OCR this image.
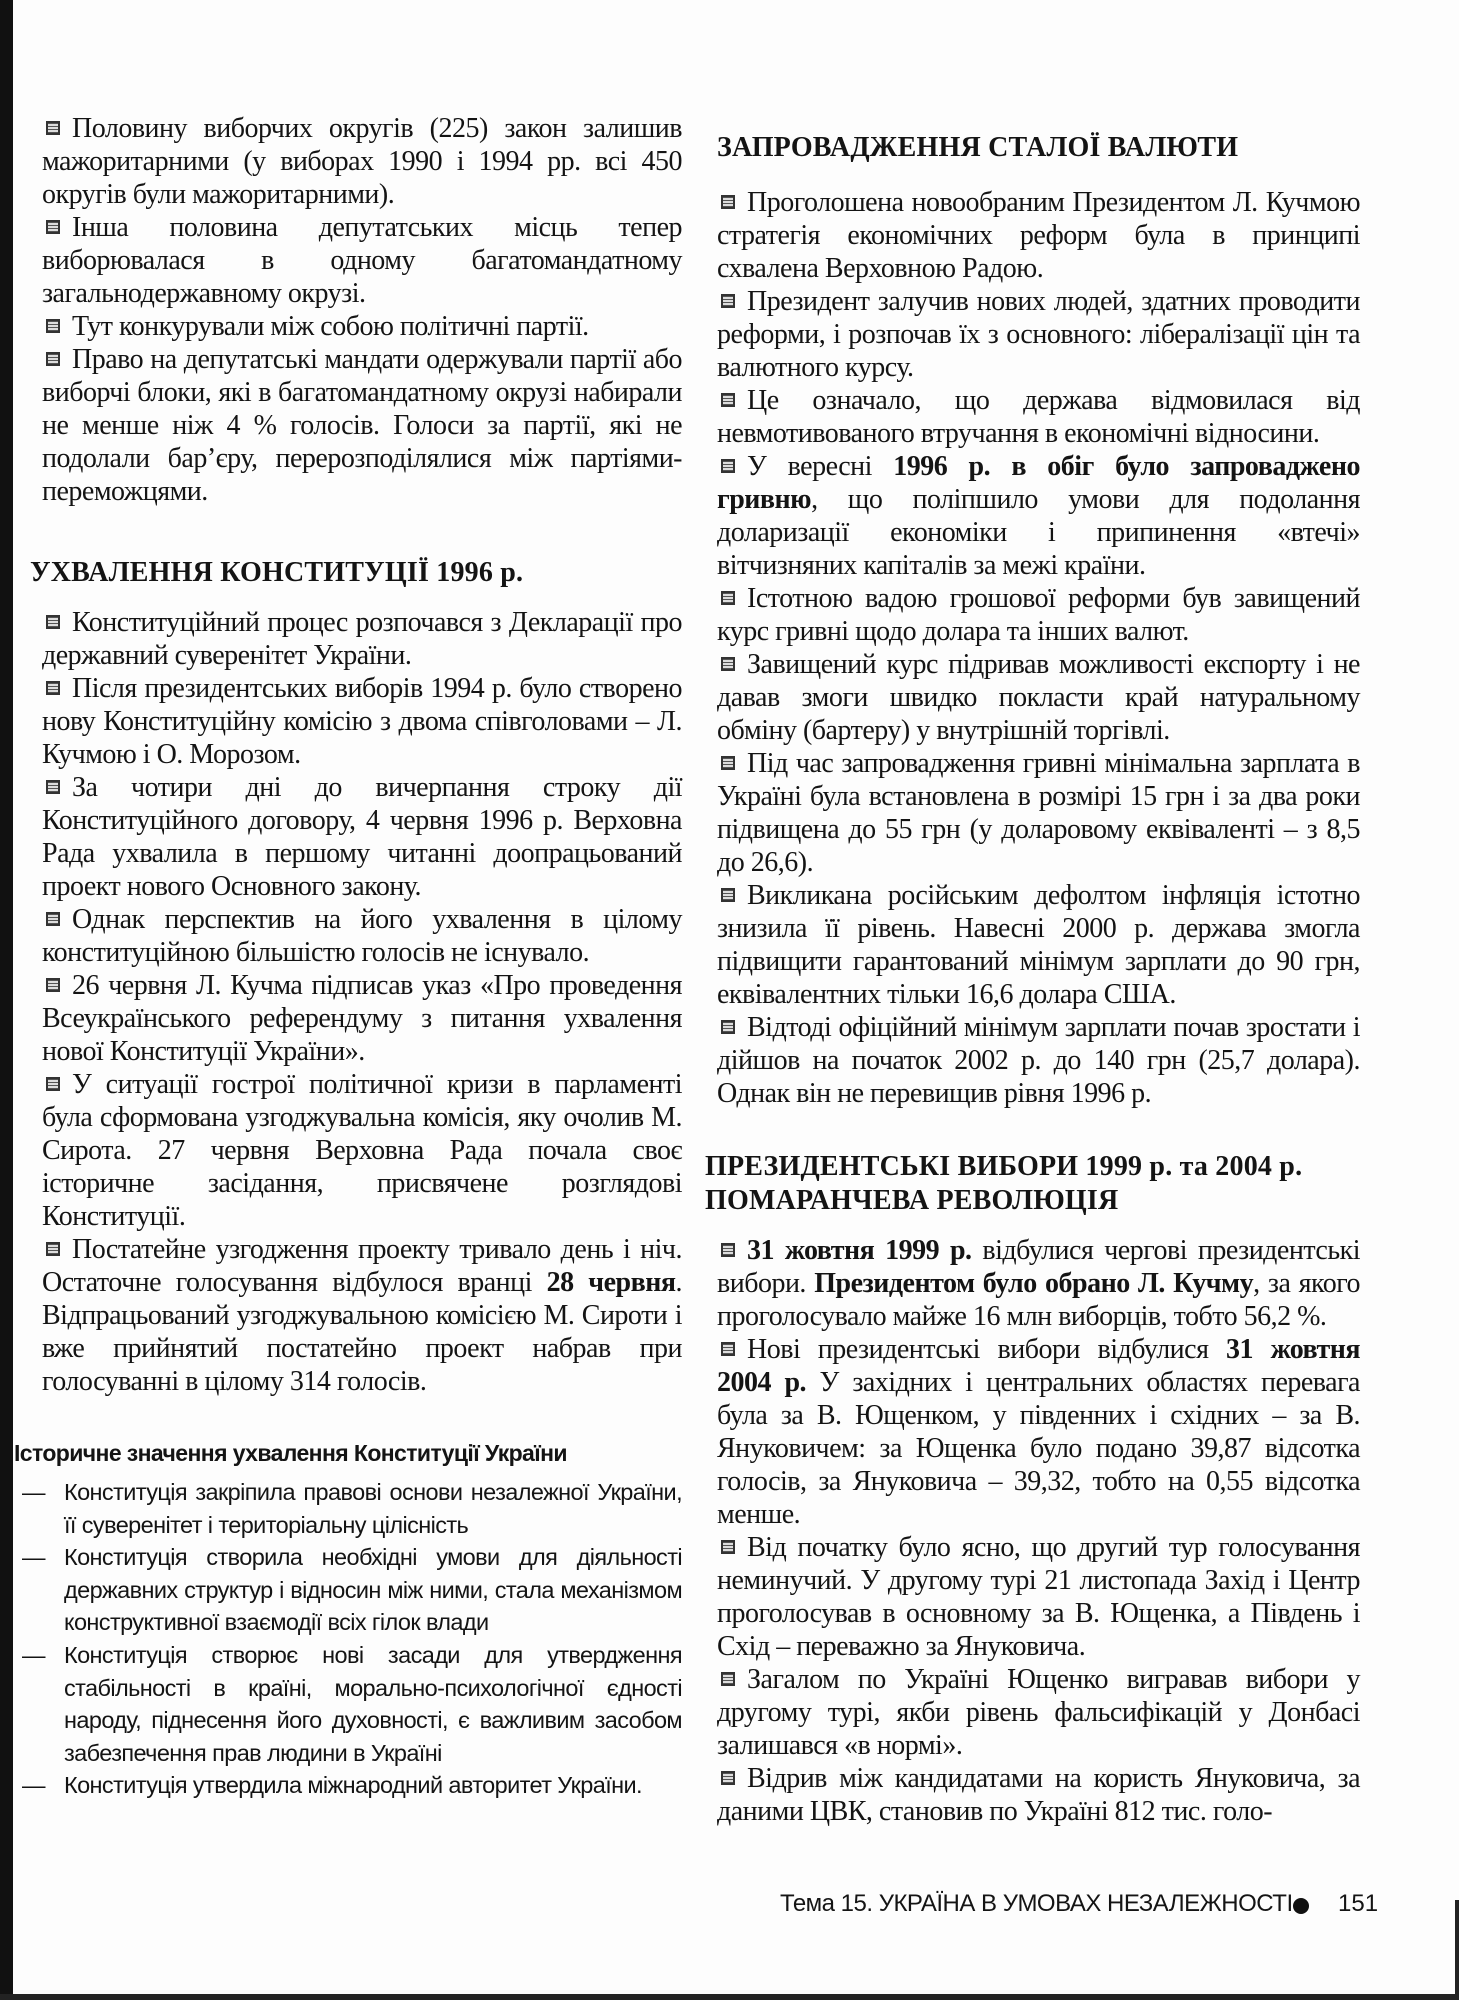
Половину виборчих округів (225) закон залишив мажоритарними (у виборах 1990 і 1994 рр. всі 450 округів були мажоритарними).

Інша половина депутатських місць тепер виборювалася в одному багатомандатному загальнодержавному окрузі.

Тут конкурували між собою політичні партії.

Право на депутатські мандати одержували партії або виборчі блоки, які в багатомандатному окрузі набирали не менше ніж 4 % голосів. Голоси за партії, які не подолали бар’єру, перерозподілялися між партіями-переможцями.

УХВАЛЕННЯ КОНСТИТУЦІЇ 1996 р.

Конституційний процес розпочався з Декларації про державний суверенітет України.

Після президентських виборів 1994 р. було створено нову Конституційну комісію з двома співголовами – Л. Кучмою і О. Морозом.

За чотири дні до вичерпання строку дії Конституційного договору, 4 червня 1996 р. Верховна Рада ухвалила в першому читанні доопрацьований проект нового Основного закону.

Однак перспектив на його ухвалення в цілому конституційною більшістю голосів не існувало.

26 червня Л. Кучма підписав указ «Про проведення Всеукраїнського референдуму з питання ухвалення нової Конституції України».

У ситуації гострої політичної кризи в парламенті була сформована узгоджувальна комісія, яку очолив М. Сирота. 27 червня Верховна Рада почала своє історичне засідання, присвячене розглядові Конституції.

Постатейне узгодження проекту тривало день і ніч. Остаточне голосування відбулося вранці 28 червня. Відпрацьований узгоджувальною комісією М. Сироти і вже прийнятий постатейно проект набрав при голосуванні в цілому 314 голосів.

Історичне значення ухвалення Конституції України
— Конституція закріпила правові основи незалежної України, її суверенітет і територіальну цілісність
— Конституція створила необхідні умови для діяльності державних структур і відносин між ними, стала механізмом конструктивної взаємодії всіх гілок влади
— Конституція створює нові засади для утвердження стабільності в країні, морально-психологічної єдності народу, піднесення його духовності, є важливим засобом забезпечення прав людини в Україні
— Конституція утвердила міжнародний авторитет України.
ЗАПРОВАДЖЕННЯ СТАЛОЇ ВАЛЮТИ

Проголошена новообраним Президентом Л. Кучмою стратегія економічних реформ була в принципі схвалена Верховною Радою.

Президент залучив нових людей, здатних проводити реформи, і розпочав їх з основного: лібералізації цін та валютного курсу.

Це означало, що держава відмовилася від невмотивованого втручання в економічні відносини.

У вересні 1996 р. в обіг було запроваджено гривню, що поліпшило умови для подолання доларизації економіки і припинення «втечі» вітчизняних капіталів за межі країни.

Істотною вадою грошової реформи був завищений курс гривні щодо долара та інших валют.

Завищений курс підривав можливості експорту і не давав змоги швидко покласти край натуральному обміну (бартеру) у внутрішній торгівлі.

Під час запровадження гривні мінімальна зарплата в Україні була встановлена в розмірі 15 грн і за два роки підвищена до 55 грн (у доларовому еквіваленті – з 8,5 до 26,6).

Викликана російським дефолтом інфляція істотно знизила її рівень. Навесні 2000 р. держава змогла підвищити гарантований мінімум зарплати до 90 грн, еквівалентних тільки 16,6 долара США.

Відтоді офіційний мінімум зарплати почав зростати і дійшов на початок 2002 р. до 140 грн (25,7 долара). Однак він не перевищив рівня 1996 р.

ПРЕЗИДЕНТСЬКІ ВИБОРИ 1999 р. та 2004 р.
ПОМАРАНЧЕВА РЕВОЛЮЦІЯ

31 жовтня 1999 р. відбулися чергові президентські вибори. Президентом було обрано Л. Кучму, за якого проголосувало майже 16 млн виборців, тобто 56,2 %.

Нові президентські вибори відбулися 31 жовтня 2004 р. У західних і центральних областях перевага була за В. Ющенком, у південних і східних – за В. Януковичем: за Ющенка було подано 39,87 відсотка голосів, за Януковича – 39,32, тобто на 0,55 відсотка менше.

Від початку було ясно, що другий тур голосування неминучий. У другому турі 21 листопада Захід і Центр проголосував в основному за В. Ющенка, а Південь і Схід – переважно за Януковича.

Загалом по Україні Ющенко вигравав вибори у другому турі, якби рівень фальсифікацій у Донбасі залишався «в нормі».

Відрив між кандидатами на користь Януковича, за даними ЦВК, становив по Україні 812 тис. голо-

Тема 15. УКРАЇНА В УМОВАХ НЕЗАЛЕЖНОСТІ 151
